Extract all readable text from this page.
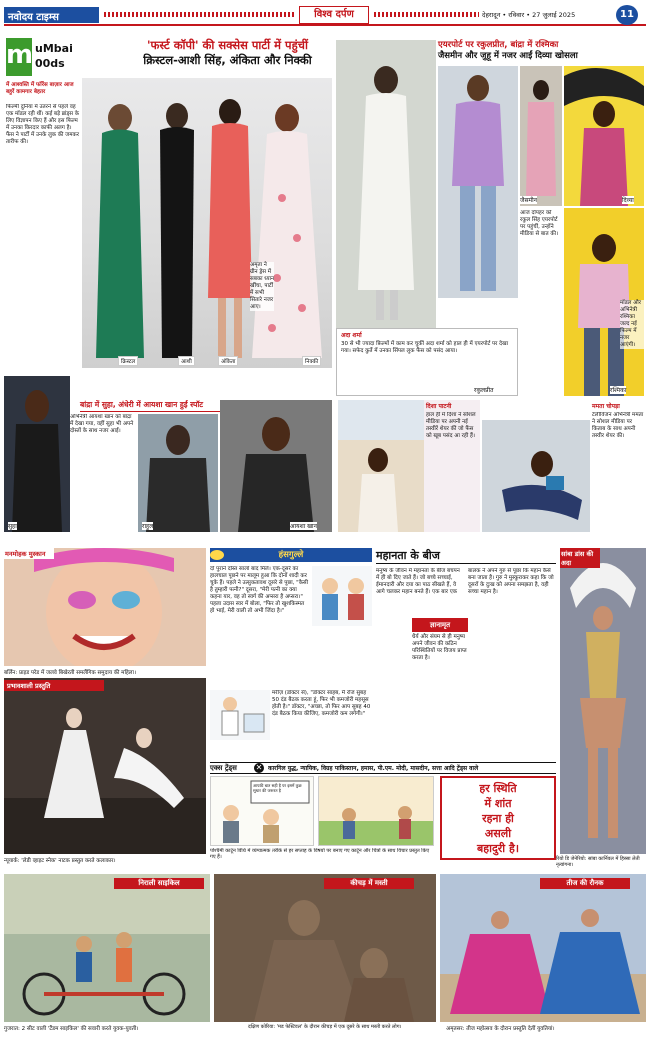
नवोदय टाइम्स	विश्व दर्पण	देहरादून • रविवार • 27 जुलाई 2025	11
'फर्स्ट कॉपी' की सक्सेस पार्टी में पहुंचीं
क्रिस्टल-आशी सिंह, अंकिता और निक्की
m uMbai
00ds
में आश्वस्ति में फॉरेंस बाज़ार आज बहुरें कामगार बेहतर
फिल्मी दुनिया में उतरने से पहले वह एक मॉडल रही थीं। कई बड़े ब्रांड्स के लिए विज्ञापन किए हैं और इस फिल्म में उनका किरदार काफी अलग है। फैंस ने पार्टी में उनके लुक की जमकर तारीफ की।
अमृता ने ग्रीन ड्रेस में सबका ध्यान खींचा, पार्टी में सभी सितारे नजर आए।
क्रिस्टल	आशी	अंकिता	निक्की
एयरपोर्ट पर रकुलप्रीत, बांद्रा में रश्मिका
जैसमीन और जुहू में नजर आईं दिव्या खोसला
जैसमीन	दिव्या
आज दोपहर को रकुल सिंह एयरपोर्ट पर पहुंचीं, उन्होंने मीडिया से बात की।
मॉडल और अभिनेत्री रश्मिका जल्द नई फिल्म में नजर आएंगी।
रश्मिका
अदा शर्मा
30 से भी ज्यादा फ़िल्मों में काम कर चुकीं अदा शर्मा को हाल ही में एयरपोर्ट पर देखा गया। सफेद कुर्ते में उनका सिंपल लुक फैंस को पसंद आया।
रकुलप्रीत
बांद्रा में सुहा, अंधेरी में आयशा खान हुईं स्पॉट
अभिनेत्री आयशा खान को बांद्रा में देखा गया, वहीं सुहा भी अपने दोस्तों के साथ नजर आईं।
सुहा	राहुल	आयशा खान
दिशा पाटनी
हाल ही में दिशा ने सोशल मीडिया पर अपनी नई तस्वीरें शेयर कीं जो फैंस को खूब पसंद आ रही हैं।
ममता चोपड़ा
टेलीविजन अभिनेत्री ममता ने सोशल मीडिया पर किताब के साथ अपनी तस्वीर शेयर की।
मनमोहक मुस्कान
बर्लिन: प्राइड परेड में जलवे बिखेरती समलैंगिक समुदाय की महिला।
प्रभावशाली प्रस्तुति
न्यूयार्क: 'लेडी व्हाइट स्नेक' नाटक प्रस्तुत करते कलाकार।
हंसगुल्ले
दो पुराने दोस्त सालों बाद मिले। एक-दूसरे का हालचाल पूछने पर मालूम हुआ कि दोनों शादी कर चुके हैं। पहले ने उत्सुकतावश दूसरे से पूछा, "कैसी है तुम्हारी पत्नी?" दूसरा, "मेरी पत्नी का क्या कहना यार, वह तो स्वर्ग की अप्सरा है अप्सरा।" पहला उदास स्वर में बोला, "फिर तो खुशकिस्मत हो भाई, मेरी वाली तो अभी जिंदा है।"
मरीज़ (डॉक्टर से), "डॉक्टर साहब, मैं रोज सुबह 50 दंड बैठक करता हूं, फिर भी कमजोरी महसूस होती है।" डॉक्टर, "अच्छा, तो फिर आप सुबह 40 दंड बैठक किया कीजिए, कमजोरी कम लगेगी।"
महानता के बीज
मनुष्य के जीवन में महानता के बीज बचपन में ही बो दिए जाते हैं। जो बच्चे सच्चाई, ईमानदारी और दया का पाठ सीखते हैं, वे आगे चलकर महान बनते हैं। एक बार एक बालक ने अपने गुरु से पूछा कि महान कैसे बना जाता है। गुरु ने मुस्कुराकर कहा कि जो दूसरों के दुःख को अपना समझता है, वही सच्चा महान है।
ज्ञानामृत
धैर्य और संयम से ही मनुष्य अपने जीवन की कठिन परिस्थितियों पर विजय प्राप्त करता है।
सांबा डांस की अदा
रियो डि जेनेरियो: सांबा कार्निवल में हिस्सा लेती नृत्यांगना।
एक्स ट्रेंड्स ✕ कारगिल युद्ध, न्यायिक, विग्रह पाकिस्तान, हमास, पी.एम. मोदी, मासदीन, सत्ता आदि ट्रेंड्स वाले
आपकी बात सही है पर इसमें कुछ सुधार की जरूरत है
पश्चिमी कार्टून विधि में व्यंग्यात्मक तरीके से हर सप्ताह के विषयों पर बनाए गए कार्टून और चित्रों के साथ विचार प्रस्तुत किए गए हैं।
हर स्थिति
में शांत
रहना ही
असली
बहादुरी है।
निराली साइकिल
गुजरात: 2 सीट वाली 'टैंडम साइकिल' की सवारी करते युवक-युवती।
कीचड़ में मस्ती
दक्षिण कोरिया: 'मड फेस्टिवल' के दौरान कीचड़ में एक दूसरे के साथ मस्ती करते लोग।
तीज की रौनक
अमृतसर: तीज महोत्सव के दौरान प्रस्तुति देतीं युवतियां।
